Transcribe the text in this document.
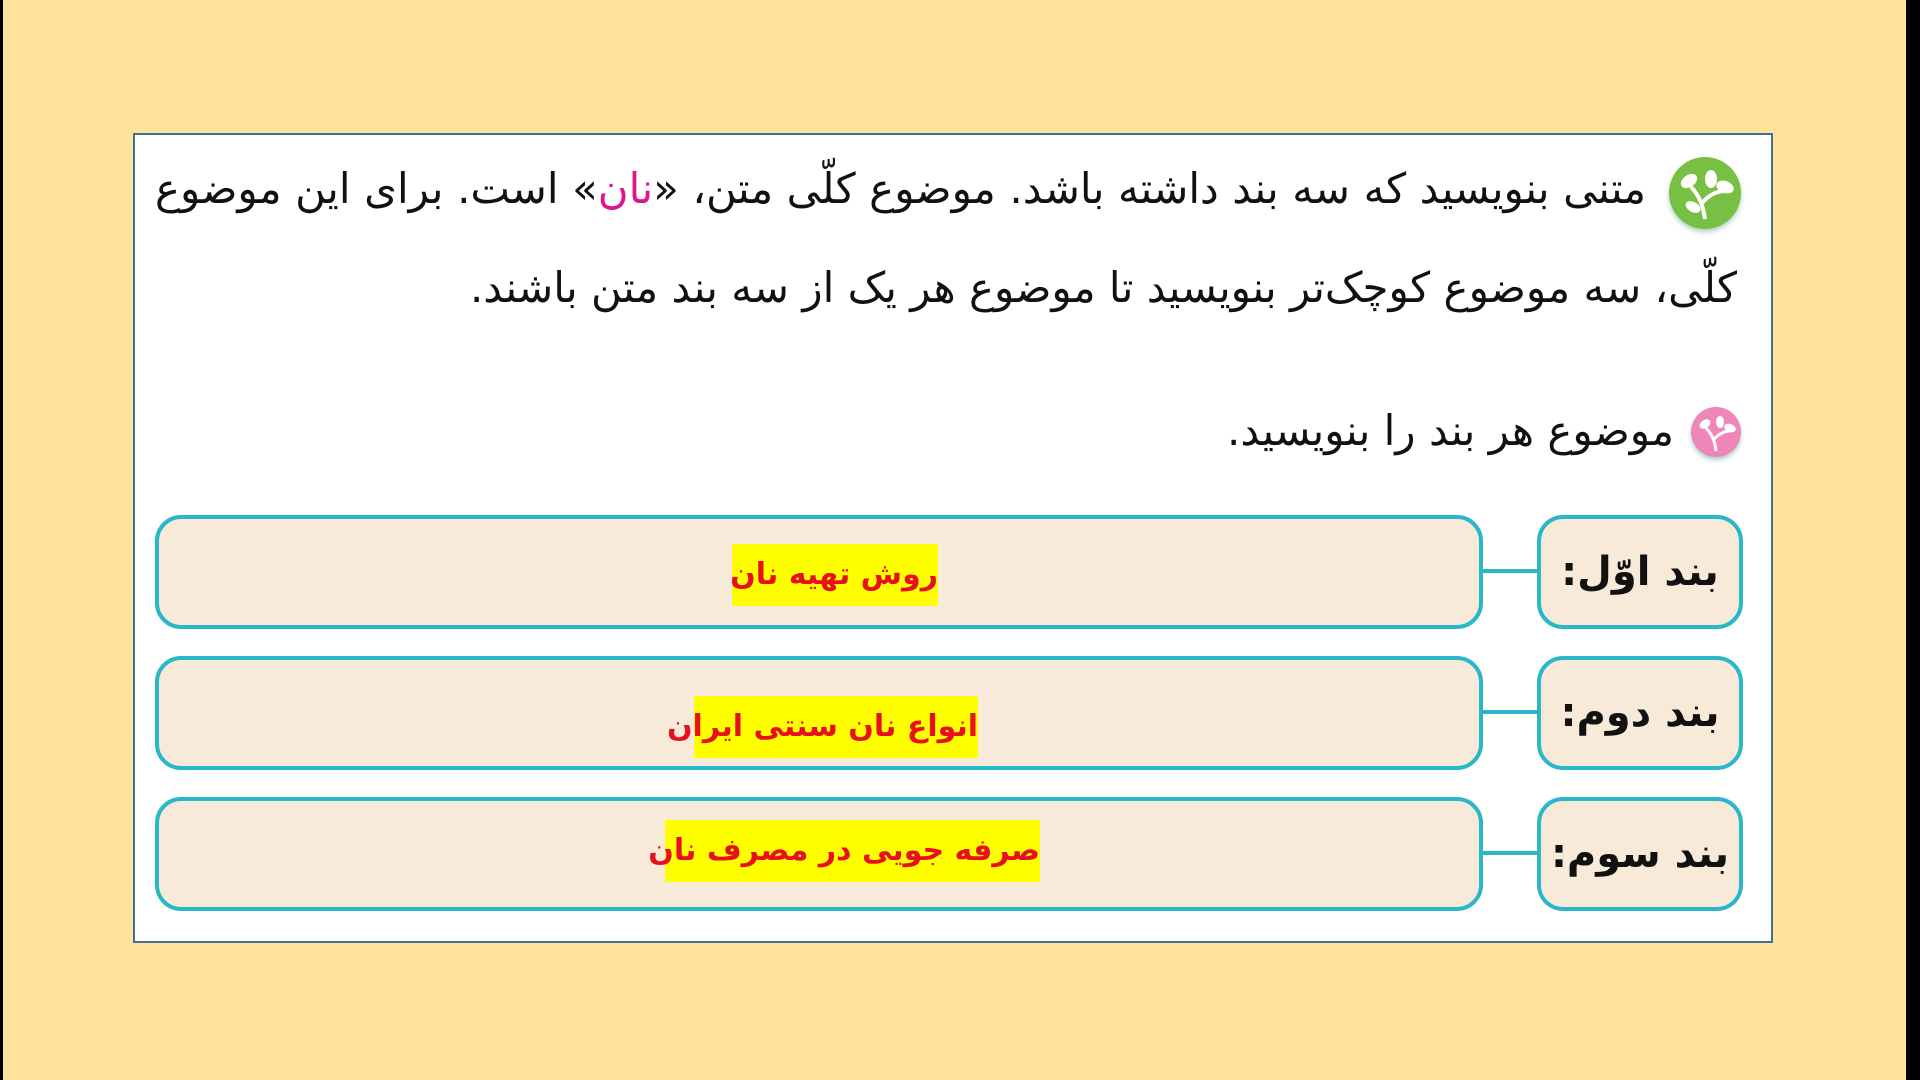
متنی بنویسید که سه بند داشته باشد. موضوع کلّی متن، «نان» است. برای این موضوع
کلّی، سه موضوع کوچک‌تر بنویسید تا موضوع هر یک از سه بند متن باشند.
موضوع هر بند را بنویسید.
روش تهیه نان	بند اوّل:
انواع نان سنتی ایران	بند دوم:
صرفه جویی در مصرف نان	بند سوم:
